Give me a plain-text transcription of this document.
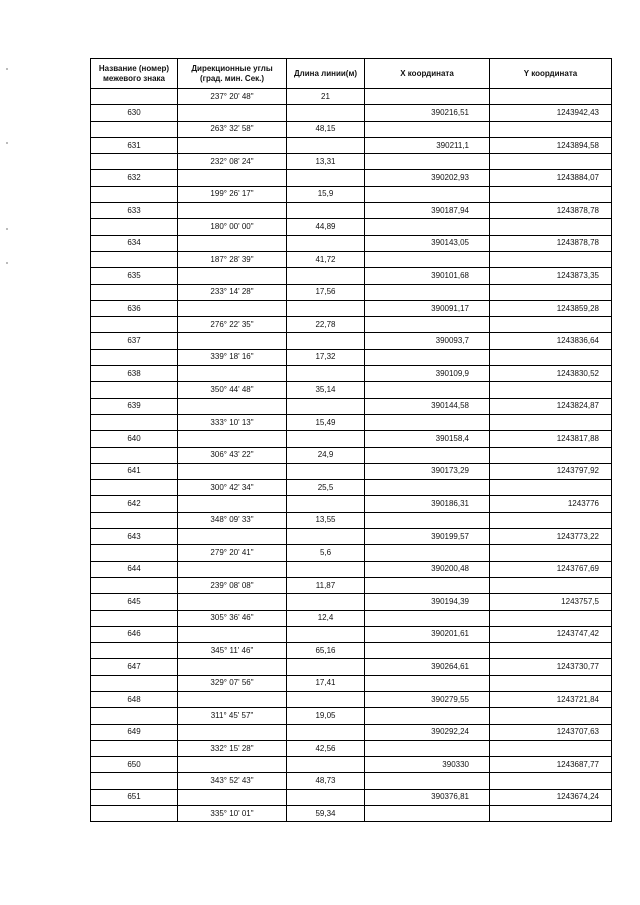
Название (номер) межевого знака	Дирекционные углы (град. мин. Сек.)	Длина линии(м)	X координата	Y координата
	237° 20' 48"	21		
630			390216,51	1243942,43
	263° 32' 58"	48,15		
631			390211,1	1243894,58
	232° 08' 24"	13,31		
632			390202,93	1243884,07
	199° 26' 17"	15,9		
633			390187,94	1243878,78
	180° 00' 00"	44,89		
634			390143,05	1243878,78
	187° 28' 39"	41,72		
635			390101,68	1243873,35
	233° 14' 28"	17,56		
636			390091,17	1243859,28
	276° 22' 35"	22,78		
637			390093,7	1243836,64
	339° 18' 16"	17,32		
638			390109,9	1243830,52
	350° 44' 48"	35,14		
639			390144,58	1243824,87
	333° 10' 13"	15,49		
640			390158,4	1243817,88
	306° 43' 22"	24,9		
641			390173,29	1243797,92
	300° 42' 34"	25,5		
642			390186,31	1243776
	348° 09' 33"	13,55		
643			390199,57	1243773,22
	279° 20' 41"	5,6		
644			390200,48	1243767,69
	239° 08' 08"	11,87		
645			390194,39	1243757,5
	305° 36' 46"	12,4		
646			390201,61	1243747,42
	345° 11' 46"	65,16		
647			390264,61	1243730,77
	329° 07' 56"	17,41		
648			390279,55	1243721,84
	311° 45' 57"	19,05		
649			390292,24	1243707,63
	332° 15' 28"	42,56		
650			390330	1243687,77
	343° 52' 43"	48,73		
651			390376,81	1243674,24
	335° 10' 01"	59,34		
